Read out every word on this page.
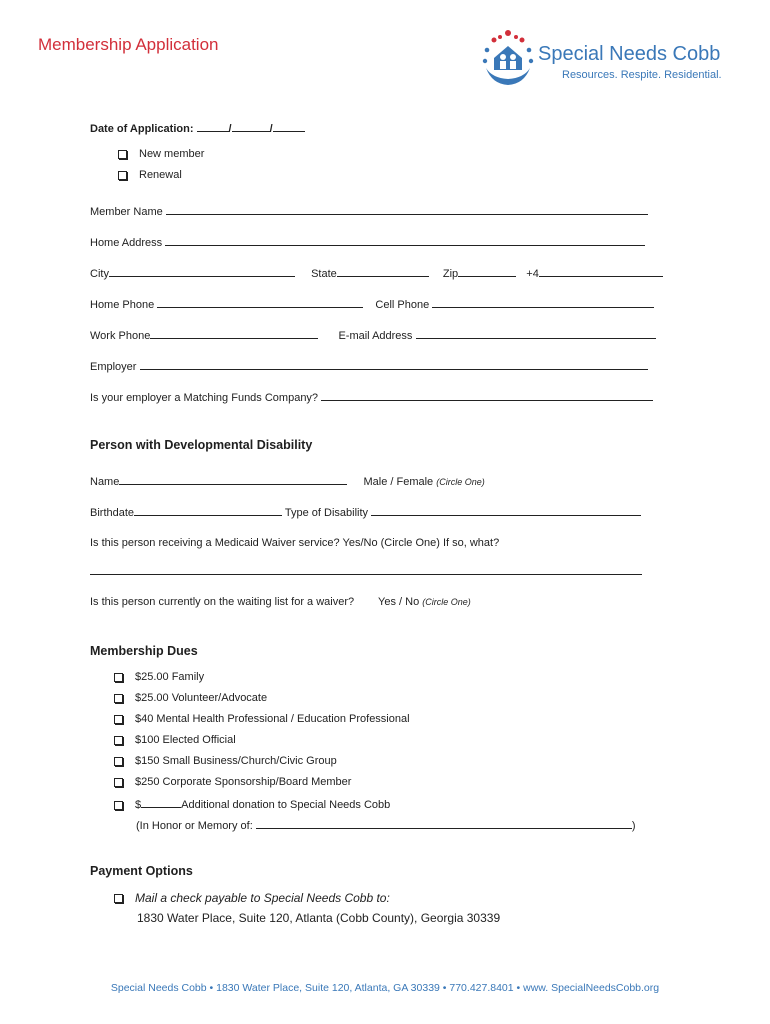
Membership Application	Special Needs Cobb
Resources. Respite. Residential.
Date of Application:	/	/
New member
Renewal
Member Name
Home Address
City	State	Zip	+4
Home Phone	Cell Phone
Work Phone	E-mail Address
Employer
Is your employer a Matching Funds Company?
Person with Developmental Disability
Name	Male / Female (Circle One)
Birthdate	Type of Disability
Is this person receiving a Medicaid Waiver service? Yes/No (Circle One) If so, what?
Is this person currently on the waiting list for a waiver? Yes / No (Circle One)
Membership Dues
$25.00 Family
$25.00 Volunteer/Advocate
$40 Mental Health Professional / Education Professional
$100 Elected Official
$150 Small Business/Church/Civic Group
$250 Corporate Sponsorship/Board Member
$	Additional donation to Special Needs Cobb
(In Honor or Memory of:	)
Payment Options
Mail a check payable to Special Needs Cobb to:
1830 Water Place, Suite 120, Atlanta (Cobb County), Georgia 30339
Special Needs Cobb • 1830 Water Place, Suite 120, Atlanta, GA 30339 • 770.427.8401 • www. SpecialNeedsCobb.org
